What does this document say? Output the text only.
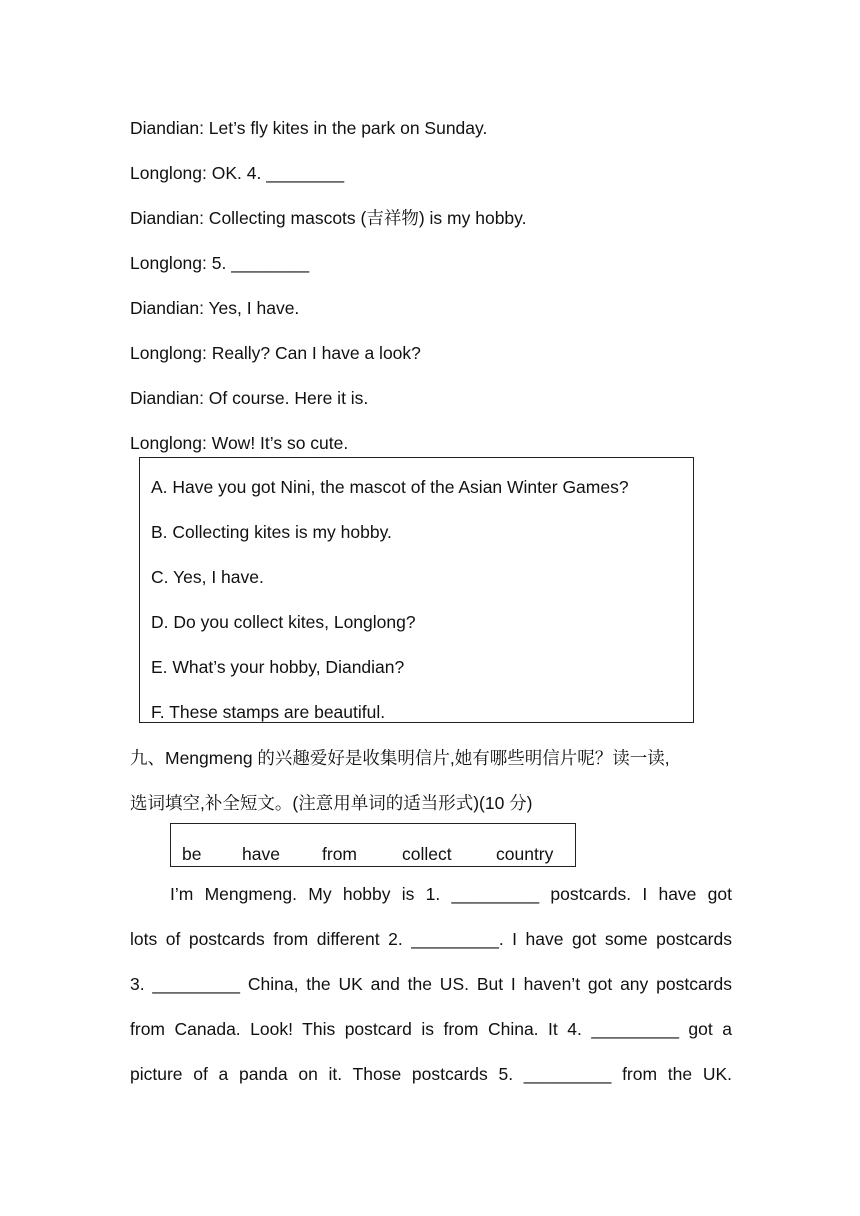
Diandian: Let’s fly kites in the park on Sunday.
Longlong: OK. 4. ________
Diandian: Collecting mascots (吉祥物) is my hobby.
Longlong: 5. ________
Diandian: Yes, I have.
Longlong: Really? Can I have a look?
Diandian: Of course. Here it is.
Longlong: Wow! It’s so cute.
A. Have you got Nini, the mascot of the Asian Winter Games?
B. Collecting kites is my hobby.
C. Yes, I have.
D. Do you collect kites, Longlong?
E. What’s your hobby, Diandian?
F. These stamps are beautiful.
九、Mengmeng 的兴趣爱好是收集明信片,她有哪些明信片呢？读一读,
选词填空,补全短文。(注意用单词的适当形式)(10 分)
be have from	collect	country
I’m Mengmeng. My hobby is 1. _________ postcards. I have got
lots of postcards from different 2. _________. I have got some postcards
3. _________ China, the UK and the US. But I haven’t got any postcards
from Canada. Look! This postcard is from China. It 4. _________ got a
picture of a panda on it. Those postcards 5. _________ from the UK.
